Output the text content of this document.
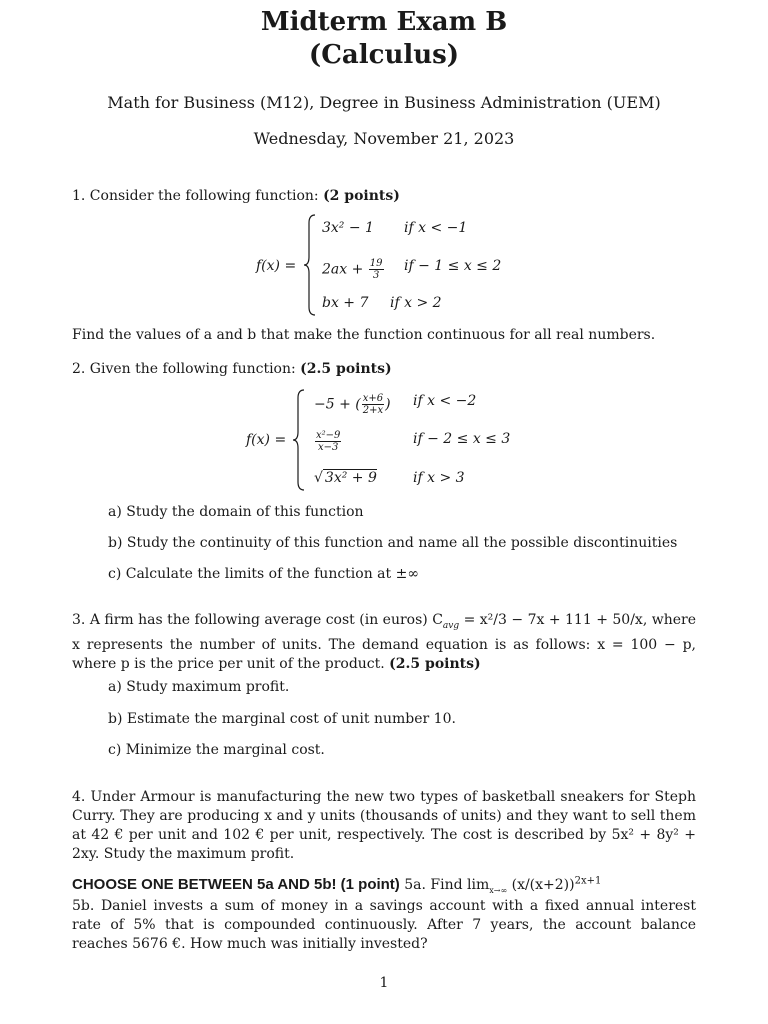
Midterm Exam B
(Calculus)
Math for Business (M12), Degree in Business Administration (UEM)
Wednesday, November 21, 2023
1. Consider the following function: (2 points)
f(x) =
3x² − 1 if x < −1
$2ax + \frac{19}{3}$ if − 1 ≤ x ≤ 2
bx + 7 if x > 2
Find the values of a and b that make the function continuous for all real numbers.
2. Given the following function: (2.5 points)
f(x) =
−5 + ( $\frac{x+6}{2+x}$ ) if x < −2
$\frac{\text{x²−9}}{x-3}$	if − 2 ≤ x ≤ 3
√ 3x² + 9	if x > 3
a) Study the domain of this function
b) Study the continuity of this function and name all the possible discontinuities
c) Calculate the limits of the function at ±∞
3. A firm has the following average cost (in euros) $C_{avg} = x^2/3 - 7x + 111 + 50/x$, where x represents the number of units. The demand equation is as follows: x = 100 − p, where p is the price per unit of the product. (2.5 points)
a) Study maximum profit.
b) Estimate the marginal cost of unit number 10.
c) Minimize the marginal cost.
4. Under Armour is manufacturing the new two types of basketball sneakers for Steph Curry. They are producing x and y units (thousands of units) and they want to sell them at 42 € per unit and 102 € per unit, respectively. The cost is described by 5x² + 8y² + 2xy. Study the maximum profit.
CHOOSE ONE BETWEEN 5a AND 5b! (1 point) 5a. Find $\lim_{x\to\infty} (x/(x+2))^{2x+1}$
5b. Daniel invests a sum of money in a savings account with a fixed annual interest rate of 5% that is compounded continuously. After 7 years, the account balance reaches 5676 €. How much was initially invested?
1
